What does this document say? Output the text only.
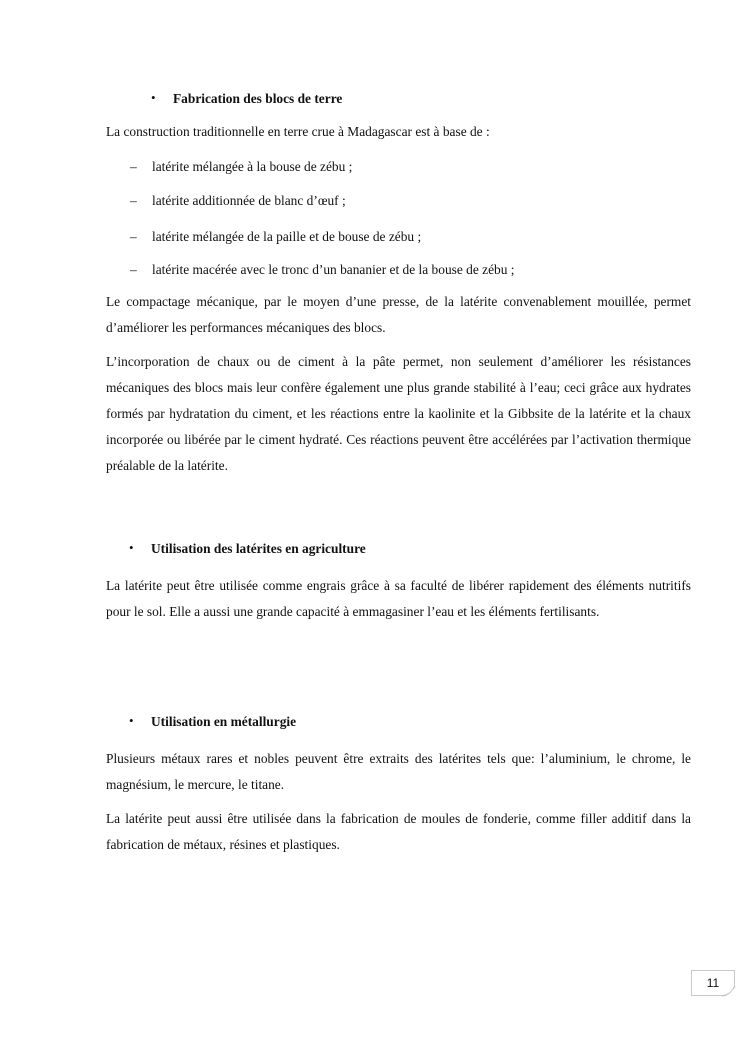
• Fabrication des blocs de terre
La construction traditionnelle en terre crue à Madagascar est à base de :
– latérite mélangée à la bouse de zébu ;
– latérite additionnée de blanc d’œuf ;
– latérite mélangée de la paille et de bouse de zébu ;
– latérite macérée avec le tronc d’un bananier et de la bouse de zébu ;
Le compactage mécanique, par le moyen d’une presse, de la latérite convenablement mouillée, permet d’améliorer les performances mécaniques des blocs.
L’incorporation de chaux ou de ciment à la pâte permet, non seulement d’améliorer les résistances mécaniques des blocs mais leur confère également une plus grande stabilité à l’eau; ceci grâce aux hydrates formés par hydratation du ciment, et les réactions entre la kaolinite et la Gibbsite de la latérite et la chaux incorporée ou libérée par le ciment hydraté. Ces réactions peuvent être accélérées par l’activation thermique préalable de la latérite.
• Utilisation des latérites en agriculture
La latérite peut être utilisée comme engrais grâce à sa faculté de libérer rapidement des éléments nutritifs pour le sol. Elle a aussi une grande capacité à emmagasiner l’eau et les éléments fertilisants.
• Utilisation en métallurgie
Plusieurs métaux rares et nobles peuvent être extraits des latérites tels que: l’aluminium, le chrome, le magnésium, le mercure, le titane.
La latérite peut aussi être utilisée dans la fabrication de moules de fonderie, comme filler additif dans la fabrication de métaux, résines et plastiques.
11
